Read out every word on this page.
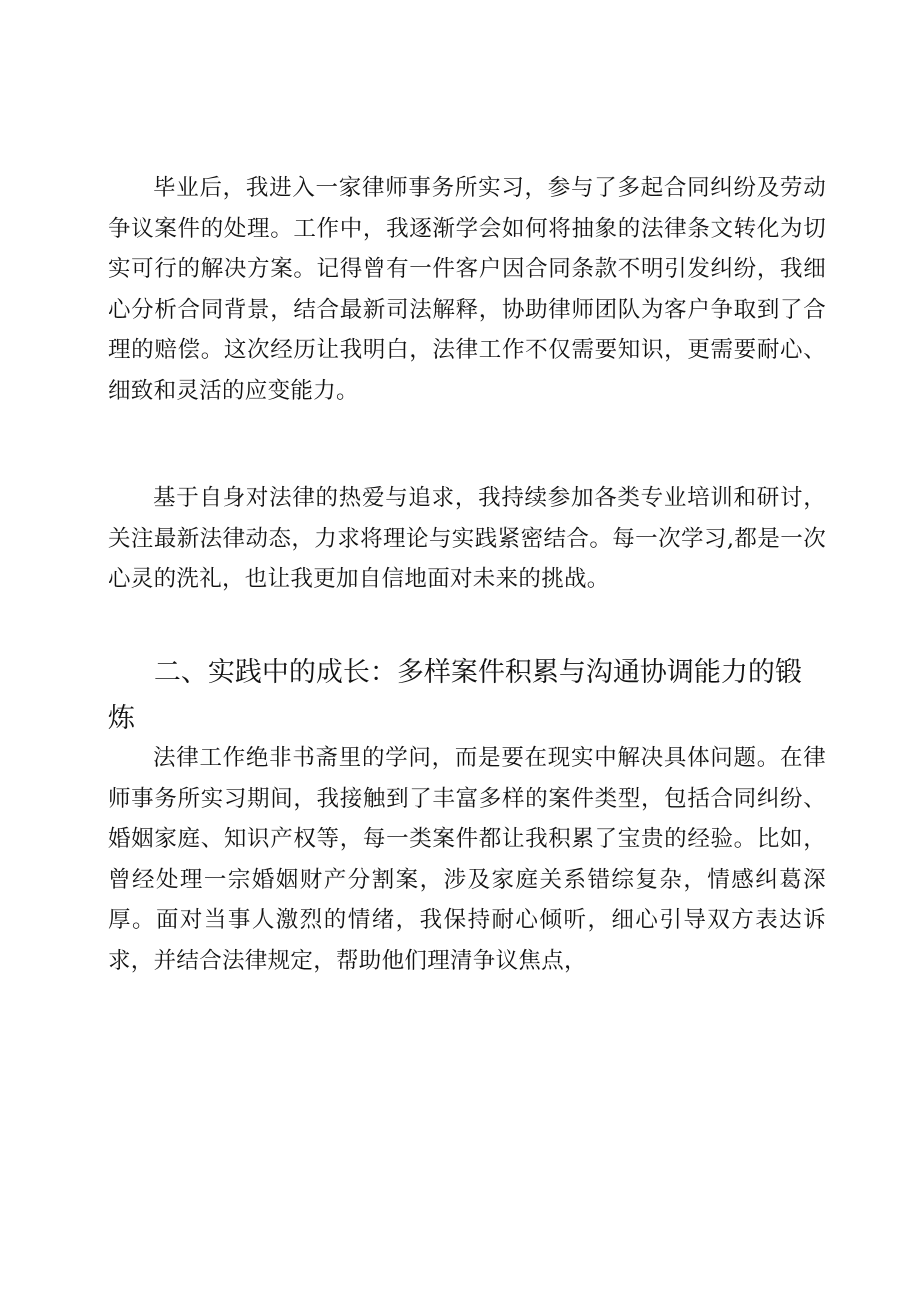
毕业后，我进入一家律师事务所实习，参与了多起合同纠纷及劳动争议案件的处理。工作中，我逐渐学会如何将抽象的法律条文转化为切实可行的解决方案。记得曾有一件客户因合同条款不明引发纠纷，我细心分析合同背景，结合最新司法解释，协助律师团队为客户争取到了合理的赔偿。这次经历让我明白，法律工作不仅需要知识，更需要耐心、细致和灵活的应变能力。

基于自身对法律的热爱与追求，我持续参加各类专业培训和研讨，关注最新法律动态，力求将理论与实践紧密结合。每一次学习,都是一次心灵的洗礼，也让我更加自信地面对未来的挑战。

二、实践中的成长：多样案件积累与沟通协调能力的锻炼

法律工作绝非书斋里的学问，而是要在现实中解决具体问题。在律师事务所实习期间，我接触到了丰富多样的案件类型，包括合同纠纷、婚姻家庭、知识产权等，每一类案件都让我积累了宝贵的经验。比如，曾经处理一宗婚姻财产分割案，涉及家庭关系错综复杂，情感纠葛深厚。面对当事人激烈的情绪，我保持耐心倾听，细心引导双方表达诉求，并结合法律规定，帮助他们理清争议焦点，
